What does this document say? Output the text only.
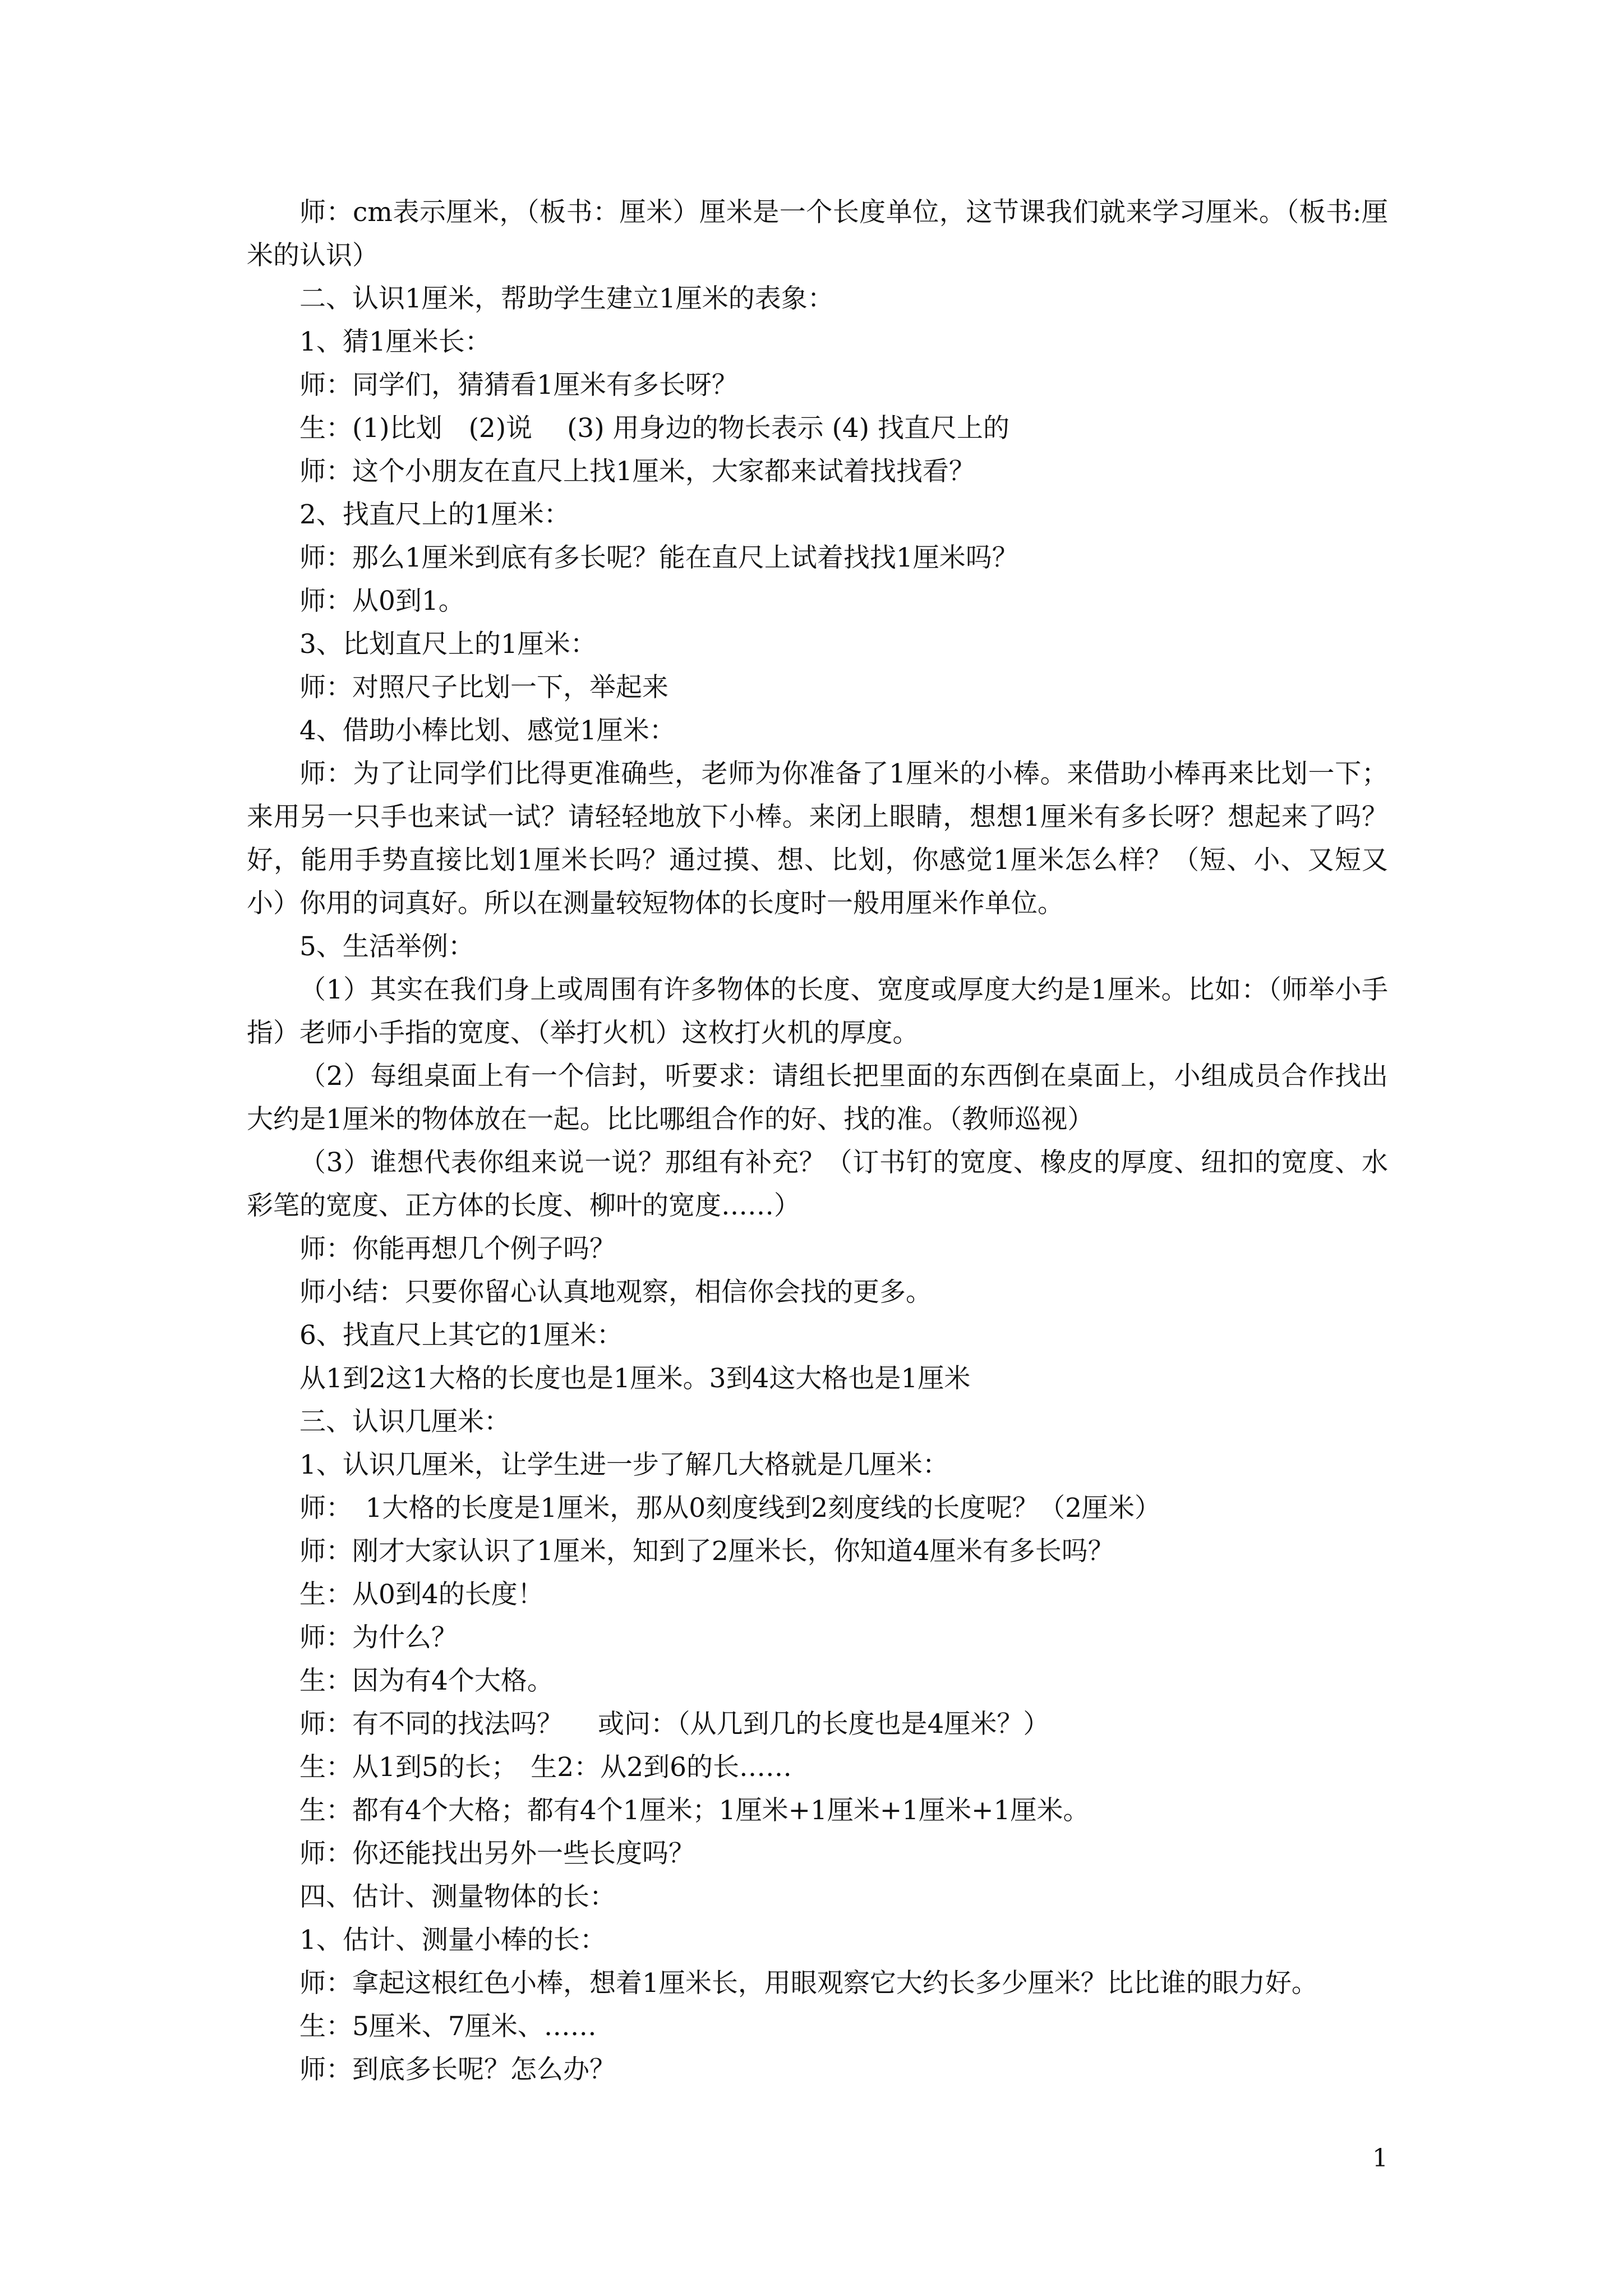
师：cm表示厘米，（板书：厘米）厘米是一个长度单位，这节课我们就来学习厘米。（板书:厘米的认识）

二、认识1厘米，帮助学生建立1厘米的表象：

1、猜1厘米长：

师：同学们，猜猜看1厘米有多长呀？

生：(1)比划　(2)说　 (3) 用身边的物长表示 (4) 找直尺上的

师：这个小朋友在直尺上找1厘米，大家都来试着找找看？

2、找直尺上的1厘米：

师：那么1厘米到底有多长呢？能在直尺上试着找找1厘米吗？

师：从0到1。

3、比划直尺上的1厘米：

师：对照尺子比划一下，举起来

4、借助小棒比划、感觉1厘米：

师：为了让同学们比得更准确些，老师为你准备了1厘米的小棒。来借助小棒再来比划一下；来用另一只手也来试一试？请轻轻地放下小棒。来闭上眼睛，想想1厘米有多长呀？想起来了吗？好，能用手势直接比划1厘米长吗？通过摸、想、比划，你感觉1厘米怎么样？（短、小、又短又小）你用的词真好。所以在测量较短物体的长度时一般用厘米作单位。

5、生活举例：

（1）其实在我们身上或周围有许多物体的长度、宽度或厚度大约是1厘米。比如：（师举小手指）老师小手指的宽度、（举打火机）这枚打火机的厚度。

（2）每组桌面上有一个信封，听要求：请组长把里面的东西倒在桌面上，小组成员合作找出大约是1厘米的物体放在一起。比比哪组合作的好、找的准。（教师巡视）

（3）谁想代表你组来说一说？那组有补充？（订书钉的宽度、橡皮的厚度、纽扣的宽度、水彩笔的宽度、正方体的长度、柳叶的宽度……）

师：你能再想几个例子吗？

师小结：只要你留心认真地观察，相信你会找的更多。

6、找直尺上其它的1厘米：

从1到2这1大格的长度也是1厘米。3到4这大格也是1厘米

三、认识几厘米：

1、认识几厘米，让学生进一步了解几大格就是几厘米：

师：　1大格的长度是1厘米，那从0刻度线到2刻度线的长度呢？（2厘米）

师：刚才大家认识了1厘米，知到了2厘米长，你知道4厘米有多长吗？

生：从0到4的长度！

师：为什么？

生：因为有4个大格。

师：有不同的找法吗？　 或问：（从几到几的长度也是4厘米？）

生：从1到5的长；　生2：从2到6的长……

生：都有4个大格；都有4个1厘米；1厘米+1厘米+1厘米+1厘米。

师：你还能找出另外一些长度吗？

四、估计、测量物体的长：

1、估计、测量小棒的长：

师：拿起这根红色小棒，想着1厘米长，用眼观察它大约长多少厘米？比比谁的眼力好。

生：5厘米、7厘米、……

师：到底多长呢？怎么办？

1
